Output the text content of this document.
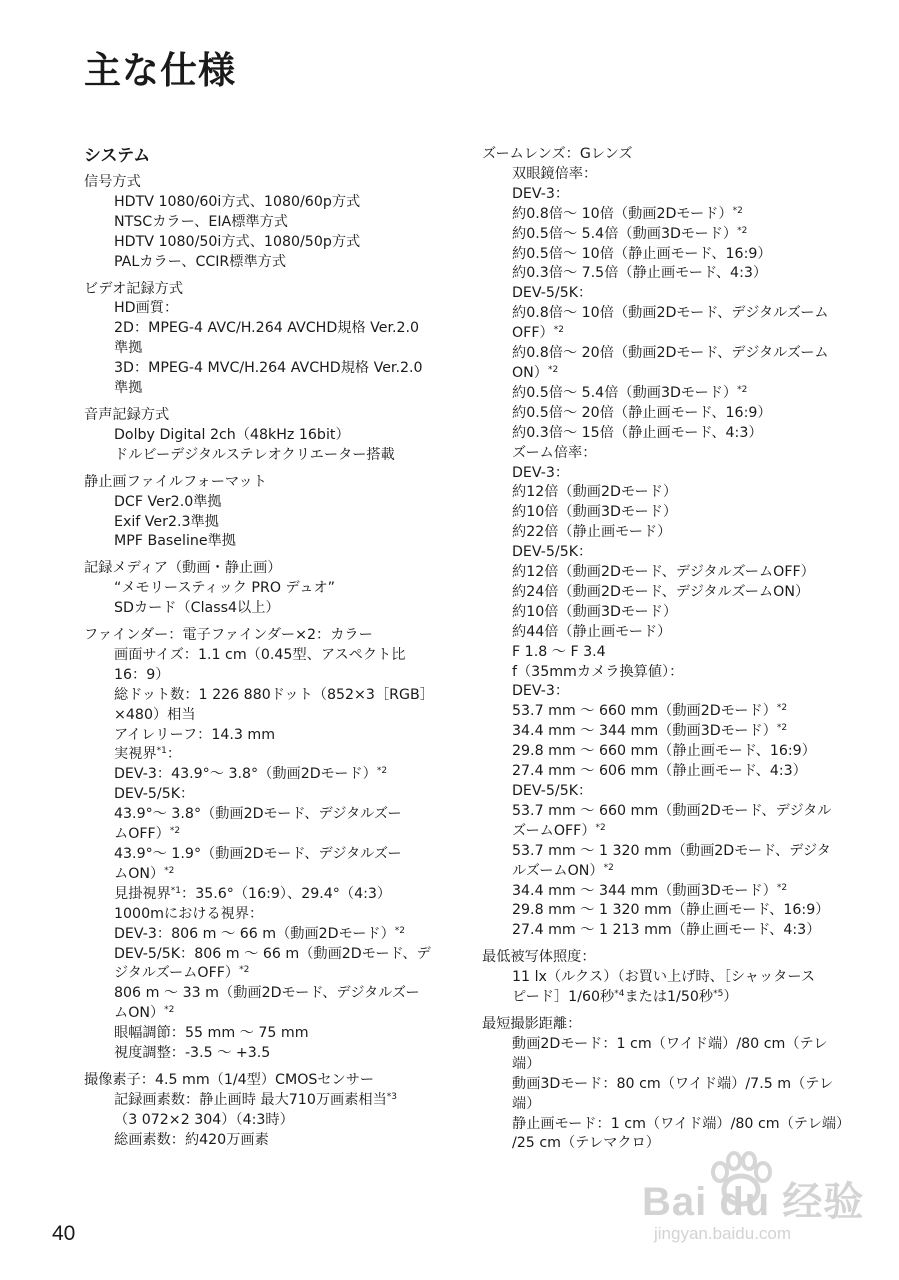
主な仕様
システム
信号方式
HDTV 1080/60i方式、1080/60p方式
NTSCカラー、EIA標準方式
HDTV 1080/50i方式、1080/50p方式
PALカラー、CCIR標準方式
ビデオ記録方式
HD画質：
2D：MPEG-4 AVC/H.264 AVCHD規格 Ver.2.0
準拠
3D：MPEG-4 MVC/H.264 AVCHD規格 Ver.2.0
準拠
音声記録方式
Dolby Digital 2ch（48kHz 16bit）
ドルビーデジタルステレオクリエーター搭載
静止画ファイルフォーマット
DCF Ver2.0準拠
Exif Ver2.3準拠
MPF Baseline準拠
記録メディア（動画・静止画）
“メモリースティック PRO デュオ”
SDカード（Class4以上）
ファインダー：電子ファインダー×2：カラー
画面サイズ：1.1 cm（0.45型、アスペクト比
16：9）
総ドット数：1 226 880ドット（852×3［RGB］
×480）相当
アイレリーフ：14.3 mm
実視界$^{*1}$：
DEV-3：43.9°～ 3.8°（動画2Dモード）$^{*2}$
DEV-5/5K：
43.9°～ 3.8°（動画2Dモード、デジタルズー
ムOFF）$^{*2}$
43.9°～ 1.9°（動画2Dモード、デジタルズー
ムON）$^{*2}$
見掛視界$^{*1}$：35.6°（16:9）、29.4°（4:3）
1000mにおける視界：
DEV-3：806 m ～ 66 m（動画2Dモード）$^{*2}$
DEV-5/5K：806 m ～ 66 m（動画2Dモード、デ
ジタルズームOFF）$^{*2}$
806 m ～ 33 m（動画2Dモード、デジタルズー
ムON）$^{*2}$
眼幅調節：55 mm ～ 75 mm
視度調整：-3.5 ～ +3.5
撮像素子：4.5 mm（1/4型）CMOSセンサー
記録画素数：静止画時 最大710万画素相当$^{*3}$
（3 072×2 304）（4:3時）
総画素数：約420万画素
ズームレンズ：Gレンズ
双眼鏡倍率：
DEV-3：
約0.8倍～ 10倍（動画2Dモード）$^{*2}$
約0.5倍～ 5.4倍（動画3Dモード）$^{*2}$
約0.5倍～ 10倍（静止画モード、16:9）
約0.3倍～ 7.5倍（静止画モード、4:3）
DEV-5/5K：
約0.8倍～ 10倍（動画2Dモード、デジタルズーム
OFF）$^{*2}$
約0.8倍～ 20倍（動画2Dモード、デジタルズーム
ON）$^{*2}$
約0.5倍～ 5.4倍（動画3Dモード）$^{*2}$
約0.5倍～ 20倍（静止画モード、16:9）
約0.3倍～ 15倍（静止画モード、4:3）
ズーム倍率：
DEV-3：
約12倍（動画2Dモード）
約10倍（動画3Dモード）
約22倍（静止画モード）
DEV-5/5K：
約12倍（動画2Dモード、デジタルズームOFF）
約24倍（動画2Dモード、デジタルズームON）
約10倍（動画3Dモード）
約44倍（静止画モード）
F 1.8 ～ F 3.4
f（35mmカメラ換算値）：
DEV-3：
53.7 mm ～ 660 mm（動画2Dモード）$^{*2}$
34.4 mm ～ 344 mm（動画3Dモード）$^{*2}$
29.8 mm ～ 660 mm（静止画モード、16:9）
27.4 mm ～ 606 mm（静止画モード、4:3）
DEV-5/5K：
53.7 mm ～ 660 mm（動画2Dモード、デジタル
ズームOFF）$^{*2}$
53.7 mm ～ 1 320 mm（動画2Dモード、デジタ
ルズームON）$^{*2}$
34.4 mm ～ 344 mm（動画3Dモード）$^{*2}$
29.8 mm ～ 1 320 mm（静止画モード、16:9）
27.4 mm ～ 1 213 mm（静止画モード、4:3）
最低被写体照度：
11 lx（ルクス）（お買い上げ時、［シャッタース
ピード］1/60秒$^{*4}$または1/50秒$^{*5}$）
最短撮影距離：
動画2Dモード：1 cm（ワイド端）/80 cm（テレ
端）
動画3Dモード：80 cm（ワイド端）/7.5 m（テレ
端）
静止画モード：1 cm（ワイド端）/80 cm（テレ端）
/25 cm（テレマクロ）
40
Bai du 经验
jingyan.baidu.com
